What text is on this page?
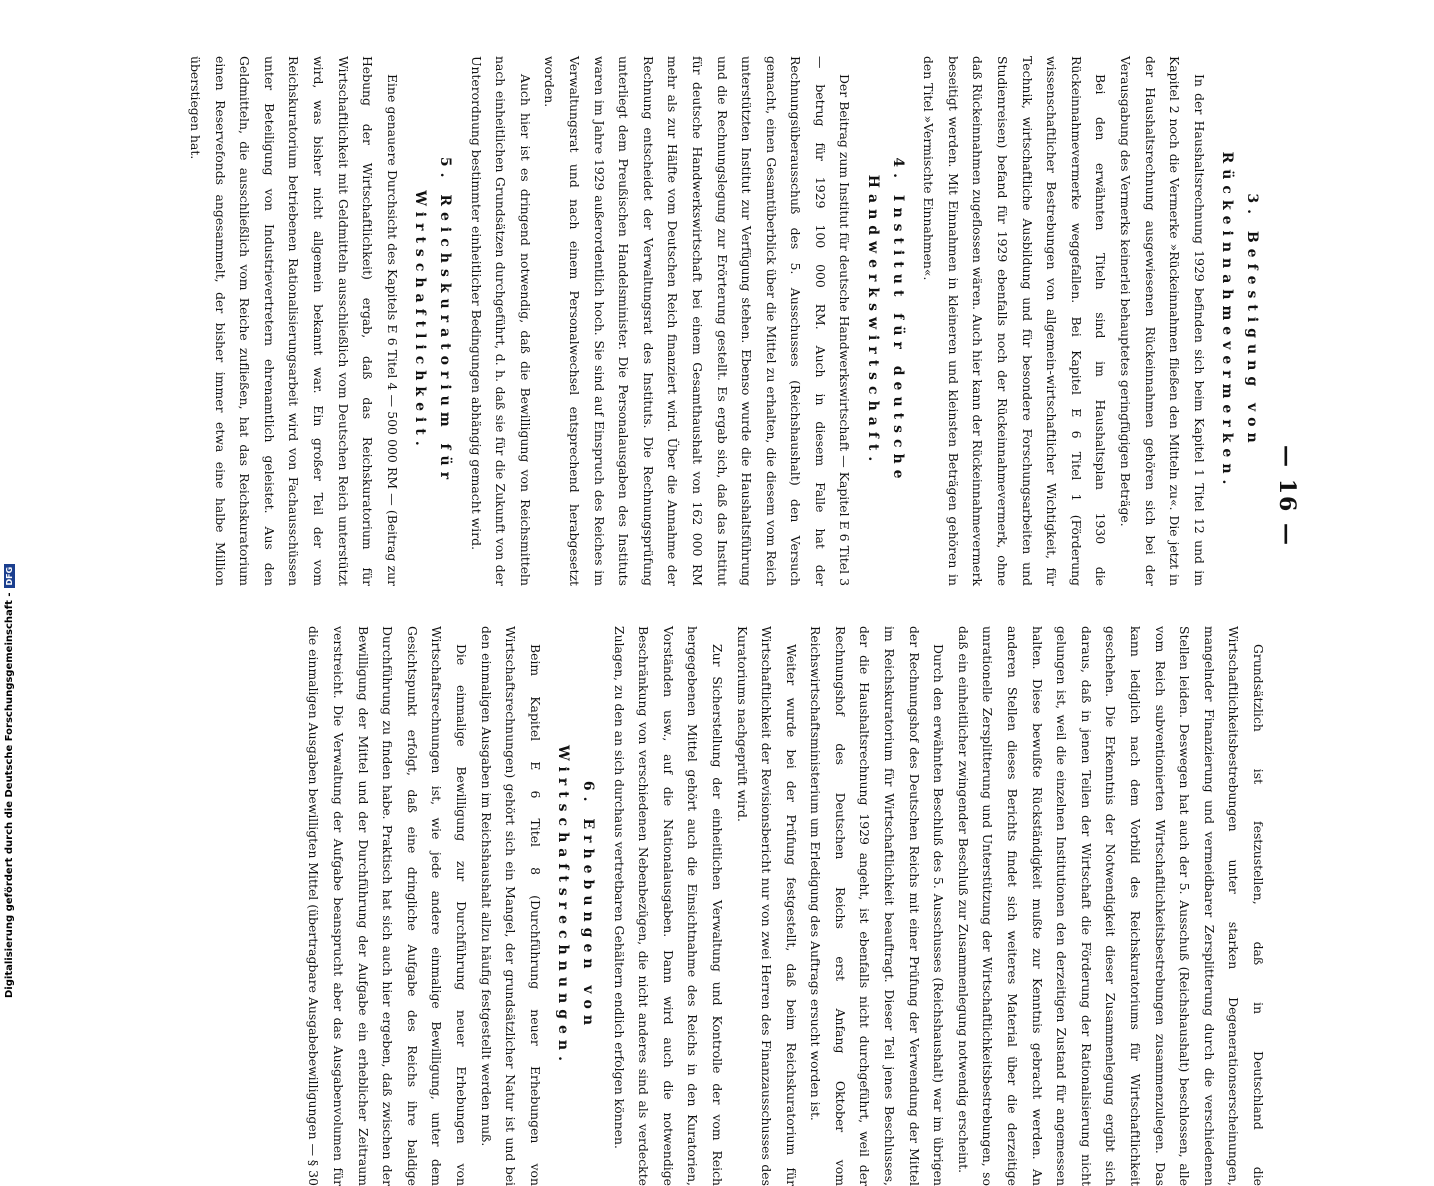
— 16 —
3. Befestigung von Rückeinnahmevermerken.

In der Haushaltsrechnung 1929 befinden sich beim Kapitel 1 Titel 12 und im Kapitel 2 noch die Vermerke »Rückeinnahmen fließen den Mitteln zu«. Die jetzt in der Haushaltsrechnung ausgewiesenen Rückeinnahmen gehören sich bei der Verausgabung des Vermerks keinerlei behauptetes geringfügigen Beträge.

Bei den erwähnten Titeln sind im Haushaltsplan 1930 die Rückeinnahmevermerke weggefallen. Bei Kapitel E 6 Titel 1 (Förderung wissenschaftlicher Bestrebungen von allgemein-wirtschaftlicher Wichtigkeit, für Technik, wirtschaftliche Ausbildung und für besondere Forschungsarbeiten und Studienreisen) befand für 1929 ebenfalls noch der Rückeinnahmevermerk, ohne daß Rückeinnahmen zugeflossen wären. Auch hier kann der Rückeinnahmevermerk beseitigt werden. Mit Einnahmen in kleineren und kleinsten Beträgen gehören in den Titel »Vermischte Einnahmen«.

4. Institut für deutsche Handwerkswirtschaft.

Der Beitrag zum Institut für deutsche Handwerkswirtschaft — Kapitel E 6 Titel 3 — betrug für 1929 100 000 RM. Auch in diesem Falle hat der Rechnungsüberausschuß des 5. Ausschusses (Reichshaushalt) den Versuch gemacht, einen Gesamtüberblick über die Mittel zu erhalten, die diesem vom Reich unterstützten Institut zur Verfügung stehen. Ebenso wurde die Haushaltsführung und die Rechnungslegung zur Erörterung gestellt. Es ergab sich, daß das Institut für deutsche Handwerkswirtschaft bei einem Gesamthaushalt von 162 000 RM mehr als zur Hälfte vom Deutschen Reich finanziert wird. Über die Annahme der Rechnung entscheidet der Verwaltungsrat des Instituts. Die Rechnungsprüfung unterliegt dem Preußischen Handelsminister. Die Personalausgaben des Instituts waren im Jahre 1929 außerordentlich hoch. Sie sind auf Einspruch des Reiches im Verwaltungsrat und nach einem Personalwechsel entsprechend herabgesetzt worden.

Auch hier ist es dringend notwendig, daß die Bewilligung von Reichsmitteln nach einheitlichen Grundsätzen durchgeführt, d. h. daß sie für die Zukunft von der Unterordnung bestimmter einheitlicher Bedingungen abhängig gemacht wird.

5. Reichskuratorium für Wirtschaftlichkeit.

Eine genauere Durchsicht des Kapitels E 6 Titel 4 — 500 000 RM — (Beitrag zur Hebung der Wirtschaftlichkeit) ergab, daß das Reichskuratorium für Wirtschaftlichkeit mit Geldmitteln ausschließlich vom Deutschen Reich unterstützt wird, was bisher nicht allgemein bekannt war. Ein großer Teil der vom Reichskuratorium betriebenen Rationalisierungsarbeit wird von Fachausschüssen unter Beteiligung von Industrievertretern ehrenamtlich geleistet. Aus den Geldmitteln, die ausschließlich vom Reiche zufließen, hat das Reichskuratorium einen Reservefonds angesammelt, der bisher immer etwa eine halbe Million überstiegen hat.

Grundsätzlich ist festzustellen, daß in Deutschland die Wirtschaftlichkeitsbestrebungen unter starken Degenerationserscheinungen, mangelnder Finanzierung und vermeidbarer Zersplitterung durch die verschiedenen Stellen leiden. Deswegen hat auch der 5. Ausschuß (Reichshaushalt) beschlossen, alle vom Reich subventionierten Wirtschaftlichkeitsbestrebungen zusammenzulegen. Das kann lediglich nach dem Vorbild des Reichskuratoriums für Wirtschaftlichkeit geschehen. Die Erkenntnis der Notwendigkeit dieser Zusammenlegung ergibt sich daraus, daß in jenen Teilen der Wirtschaft die Förderung der Rationalisierung nicht gelungen ist, weil die einzelnen Institutionen den derzeitigen Zustand für angemessen halten. Diese bewußte Rückständigkeit mußte zur Kenntnis gebracht werden. An anderen Stellen dieses Berichts findet sich weiteres Material über die derzeitige unrationelle Zersplitterung und Unterstützung der Wirtschaftlichkeitsbestrebungen, so daß ein einheitlicher zwingender Beschluß zur Zusammenlegung notwendig erscheint.

Durch den erwähnten Beschluß des 5. Ausschusses (Reichshaushalt) war im übrigen der Rechnungshof des Deutschen Reichs mit einer Prüfung der Verwendung der Mittel im Reichskuratorium für Wirtschaftlichkeit beauftragt. Dieser Teil jenes Beschlusses, der die Haushaltsrechnung 1929 angeht, ist ebenfalls nicht durchgeführt, weil der Rechnungshof des Deutschen Reichs erst Anfang Oktober vom Reichswirtschaftsministerium um Erledigung des Auftrags ersucht worden ist.

Weiter wurde bei der Prüfung festgestellt, daß beim Reichskuratorium für Wirtschaftlichkeit der Revisionsbericht nur von zwei Herren des Finanzausschusses des Kuratoriums nachgeprüft wird.

Zur Sicherstellung der einheitlichen Verwaltung und Kontrolle der vom Reich hergegebenen Mittel gehört auch die Einsichtnahme des Reichs in den Kuratorien, Vorständen usw., auf die Nationalausgaben. Dann wird auch die notwendige Beschränkung von verschiedenen Nebenbezügen, die nicht anderes sind als verdeckte Zulagen, zu den an sich durchaus vertretbaren Gehältern endlich erfolgen können.

6. Erhebungen von Wirtschaftsrechnungen.

Beim Kapitel E 6 Titel 8 (Durchführung neuer Erhebungen von Wirtschaftsrechnungen) gehört sich ein Mangel, der grundsätzlicher Natur ist und bei den einmaligen Ausgaben im Reichshaushalt allzu häufig festgestellt werden muß.

Die einmalige Bewilligung zur Durchführung neuer Erhebungen von Wirtschaftsrechnungen ist, wie jede andere einmalige Bewilligung, unter dem Gesichtspunkt erfolgt, daß eine dringliche Aufgabe des Reichs ihre baldige Durchführung zu finden habe. Praktisch hat sich auch hier ergeben, daß zwischen der Bewilligung der Mittel und der Durchführung der Aufgabe ein erheblicher Zeitraum verstreicht. Die Verwaltung der Aufgabe beansprucht aber das Ausgabenvolumen für die einmaligen Ausgaben bewilligten Mittel (übertragbare Ausgabebewilligungen — § 30

Digitalisierung gefördert durch die Deutsche Forschungsgemeinschaft -
DFG
